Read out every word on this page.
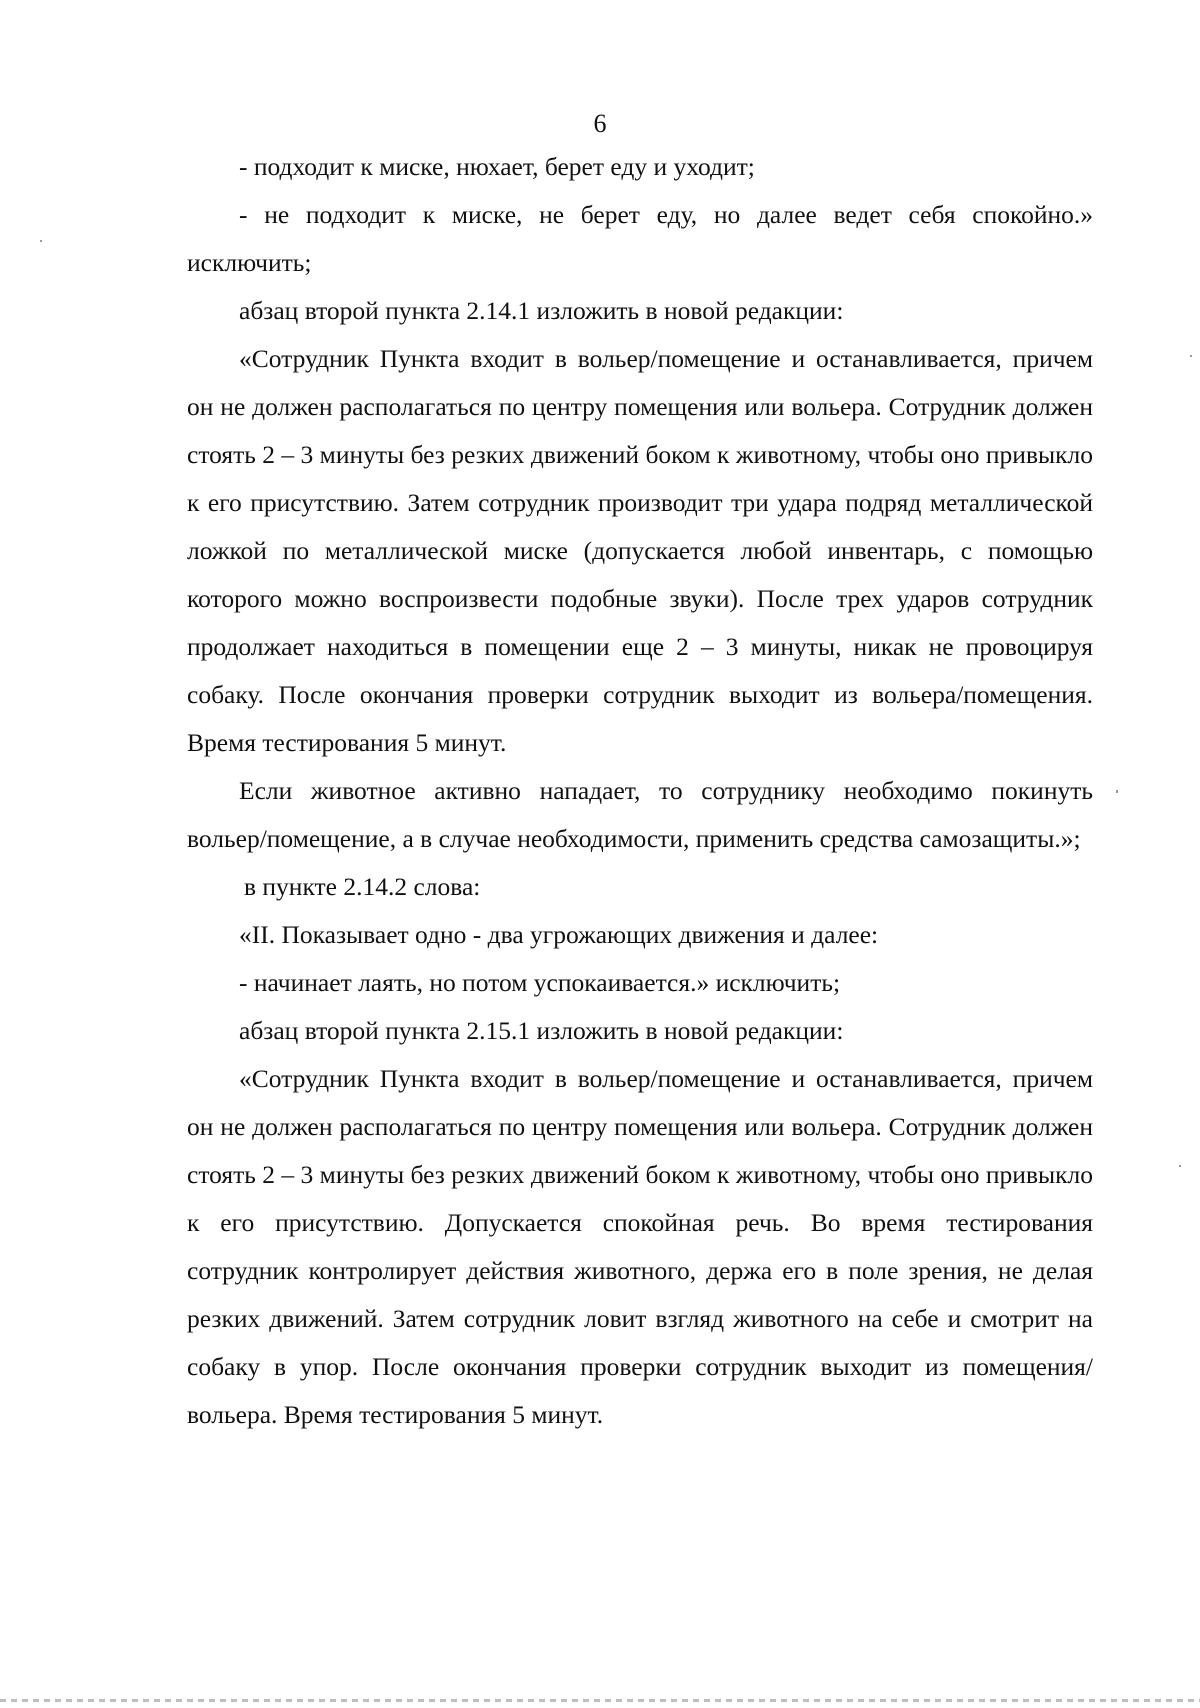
6

- подходит к миске, нюхает, берет еду и уходит;

- не подходит к миске, не берет еду, но далее ведет себя спокойно.» исключить;

абзац второй пункта 2.14.1 изложить в новой редакции:

«Сотрудник Пункта входит в вольер/помещение и останавливается, причем он не должен располагаться по центру помещения или вольера. Сотрудник должен стоять 2 – 3 минуты без резких движений боком к животному, чтобы оно привыкло к его присутствию. Затем сотрудник производит три удара подряд металлической ложкой по металлической миске (допускается любой инвентарь, с помощью которого можно воспроизвести подобные звуки). После трех ударов сотрудник продолжает находиться в помещении еще 2 – 3 минуты, никак не провоцируя собаку. После окончания проверки сотрудник выходит из вольера/помещения. Время тестирования 5 минут.

Если животное активно нападает, то сотруднику необходимо покинуть вольер/помещение, а в случае необходимости, применить средства самозащиты.»;

в пункте 2.14.2 слова:

«II. Показывает одно - два угрожающих движения и далее:

- начинает лаять, но потом успокаивается.» исключить;

абзац второй пункта 2.15.1 изложить в новой редакции:

«Сотрудник Пункта входит в вольер/помещение и останавливается, причем он не должен располагаться по центру помещения или вольера. Сотрудник должен стоять 2 – 3 минуты без резких движений боком к животному, чтобы оно привыкло к его присутствию. Допускается спокойная речь. Во время тестирования сотрудник контролирует действия животного, держа его в поле зрения, не делая резких движений. Затем сотрудник ловит взгляд животного на себе и смотрит на собаку в упор. После окончания проверки сотрудник выходит из помещения/вольера. Время тестирования 5 минут.
